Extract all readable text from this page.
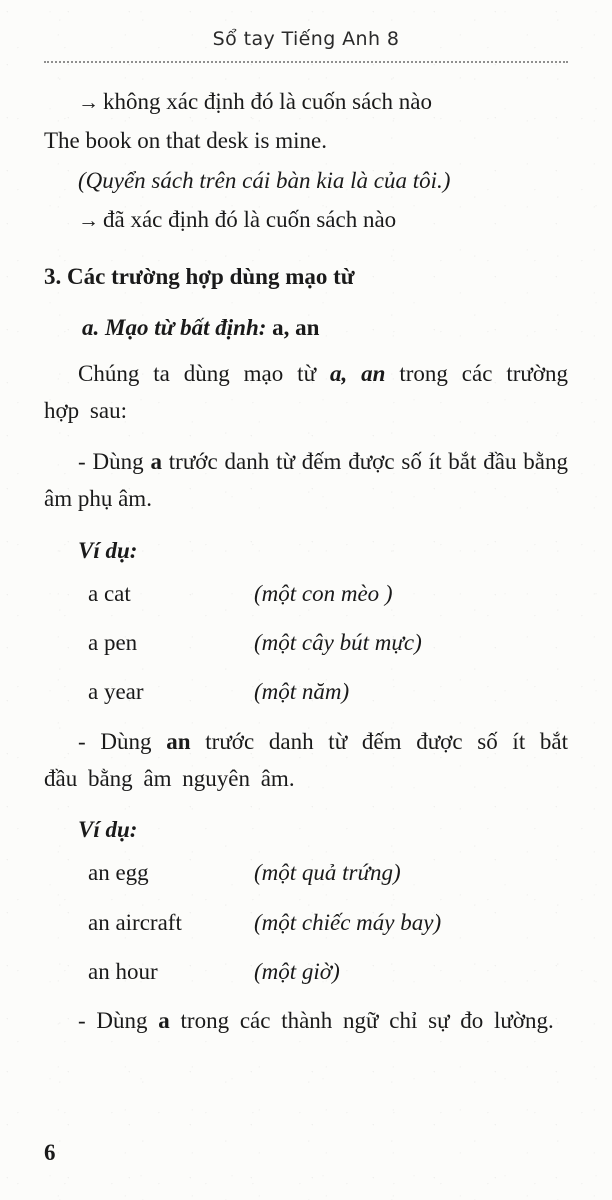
Sổ tay Tiếng Anh 8
→ không xác định đó là cuốn sách nào
The book on that desk is mine.
(Quyển sách trên cái bàn kia là của tôi.)
→ đã xác định đó là cuốn sách nào
3. Các trường hợp dùng mạo từ
a. Mạo từ bất định: a, an
Chúng ta dùng mạo từ a, an trong các trường hợp sau:
- Dùng a trước danh từ đếm được số ít bắt đầu bằng âm phụ âm.
Ví dụ:
a cat	(một con mèo )
a pen	(một cây bút mực)
a year	(một năm)
- Dùng an trước danh từ đếm được số ít bắt đầu bằng âm nguyên âm.
Ví dụ:
an egg	(một quả trứng)
an aircraft	(một chiếc máy bay)
an hour	(một giờ)
- Dùng a trong các thành ngữ chỉ sự đo lường.
6
